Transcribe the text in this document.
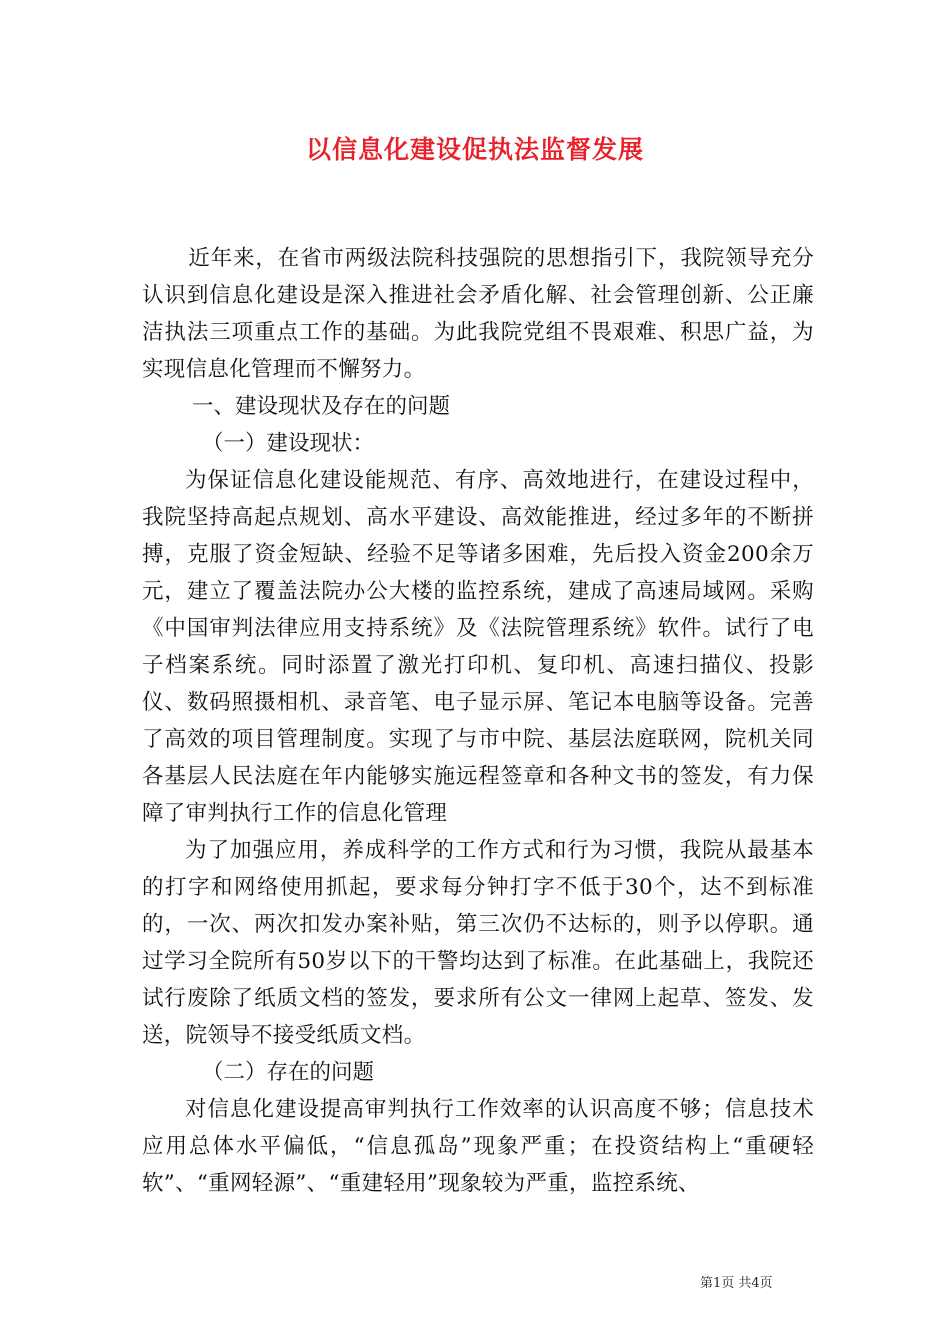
以信息化建设促执法监督发展

近年来，在省市两级法院科技强院的思想指引下，我院领导充分认识到信息化建设是深入推进社会矛盾化解、社会管理创新、公正廉洁执法三项重点工作的基础。为此我院党组不畏艰难、积思广益，为实现信息化管理而不懈努力。

一、建设现状及存在的问题

（一）建设现状：

为保证信息化建设能规范、有序、高效地进行，在建设过程中，我院坚持高起点规划、高水平建设、高效能推进，经过多年的不断拼搏，克服了资金短缺、经验不足等诸多困难，先后投入资金200余万元，建立了覆盖法院办公大楼的监控系统，建成了高速局域网。采购《中国审判法律应用支持系统》及《法院管理系统》软件。试行了电子档案系统。同时添置了激光打印机、复印机、高速扫描仪、投影仪、数码照摄相机、录音笔、电子显示屏、笔记本电脑等设备。完善了高效的项目管理制度。实现了与市中院、基层法庭联网，院机关同各基层人民法庭在年内能够实施远程签章和各种文书的签发，有力保障了审判执行工作的信息化管理

为了加强应用，养成科学的工作方式和行为习惯，我院从最基本的打字和网络使用抓起，要求每分钟打字不低于30个，达不到标准的，一次、两次扣发办案补贴，第三次仍不达标的，则予以停职。通过学习全院所有50岁以下的干警均达到了标准。在此基础上，我院还试行废除了纸质文档的签发，要求所有公文一律网上起草、签发、发送，院领导不接受纸质文档。

（二）存在的问题

对信息化建设提高审判执行工作效率的认识高度不够；信息技术应用总体水平偏低，“信息孤岛”现象严重；在投资结构上“重硬轻软”、“重网轻源”、“重建轻用”现象较为严重，监控系统、

第1页 共4页
